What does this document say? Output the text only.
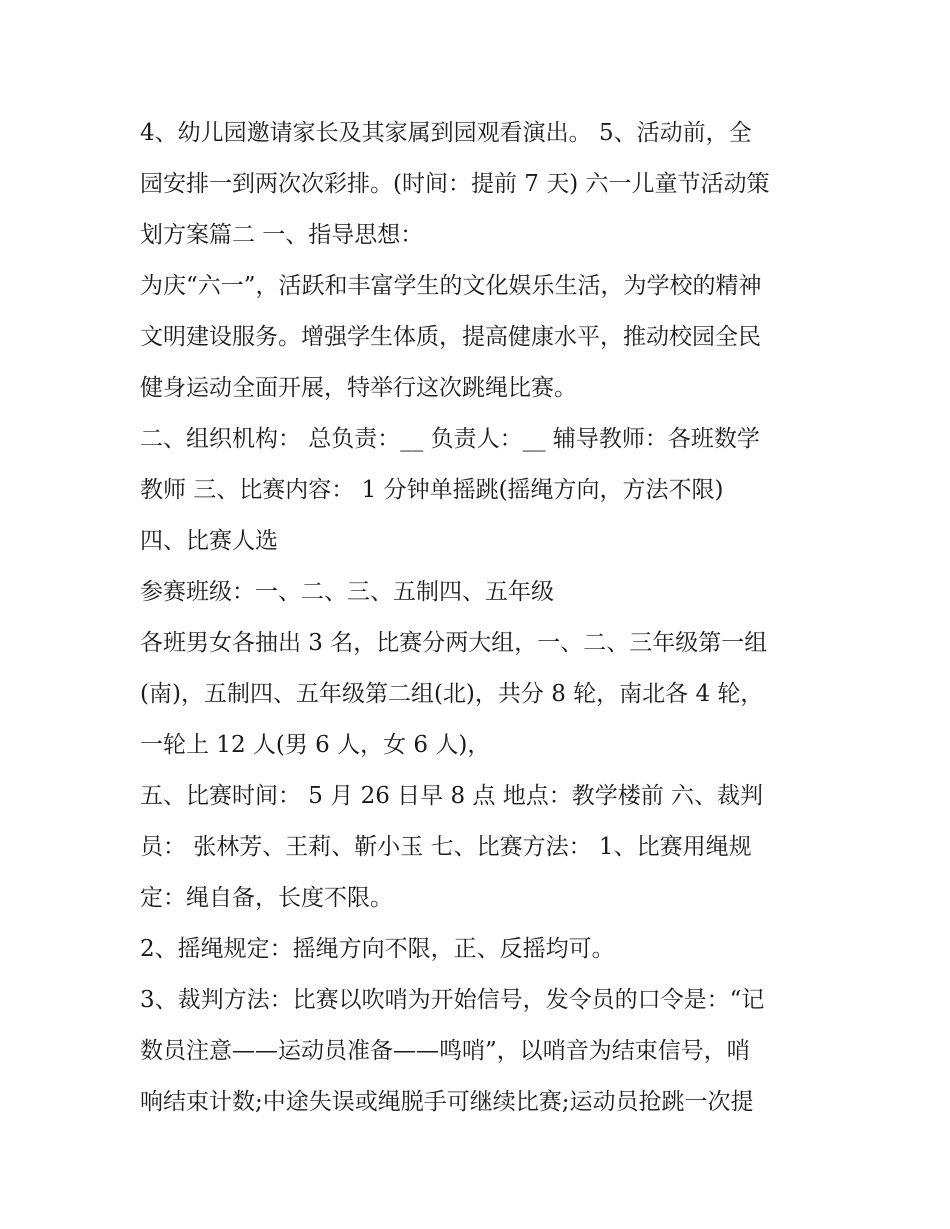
4、幼儿园邀请家长及其家属到园观看演出。 5、活动前，全
园安排一到两次次彩排。(时间：提前 7 天) 六一儿童节活动策
划方案篇二 一、指导思想：
为庆“六一”，活跃和丰富学生的文化娱乐生活，为学校的精神
文明建设服务。增强学生体质，提高健康水平，推动校园全民
健身运动全面开展，特举行这次跳绳比赛。
二、组织机构： 总负责：__ 负责人：__ 辅导教师：各班数学
教师 三、比赛内容： 1 分钟单摇跳(摇绳方向，方法不限)
四、比赛人选
参赛班级：一、二、三、五制四、五年级
各班男女各抽出 3 名，比赛分两大组，一、二、三年级第一组
(南)，五制四、五年级第二组(北)，共分 8 轮，南北各 4 轮，
一轮上 12 人(男 6 人，女 6 人)，
五、比赛时间： 5 月 26 日早 8 点 地点：教学楼前 六、裁判
员： 张林芳、王莉、靳小玉 七、比赛方法： 1、比赛用绳规
定：绳自备，长度不限。
2、摇绳规定：摇绳方向不限，正、反摇均可。
3、裁判方法：比赛以吹哨为开始信号，发令员的口令是：“记
数员注意——运动员准备——鸣哨”，以哨音为结束信号，哨
响结束计数;中途失误或绳脱手可继续比赛;运动员抢跳一次提
